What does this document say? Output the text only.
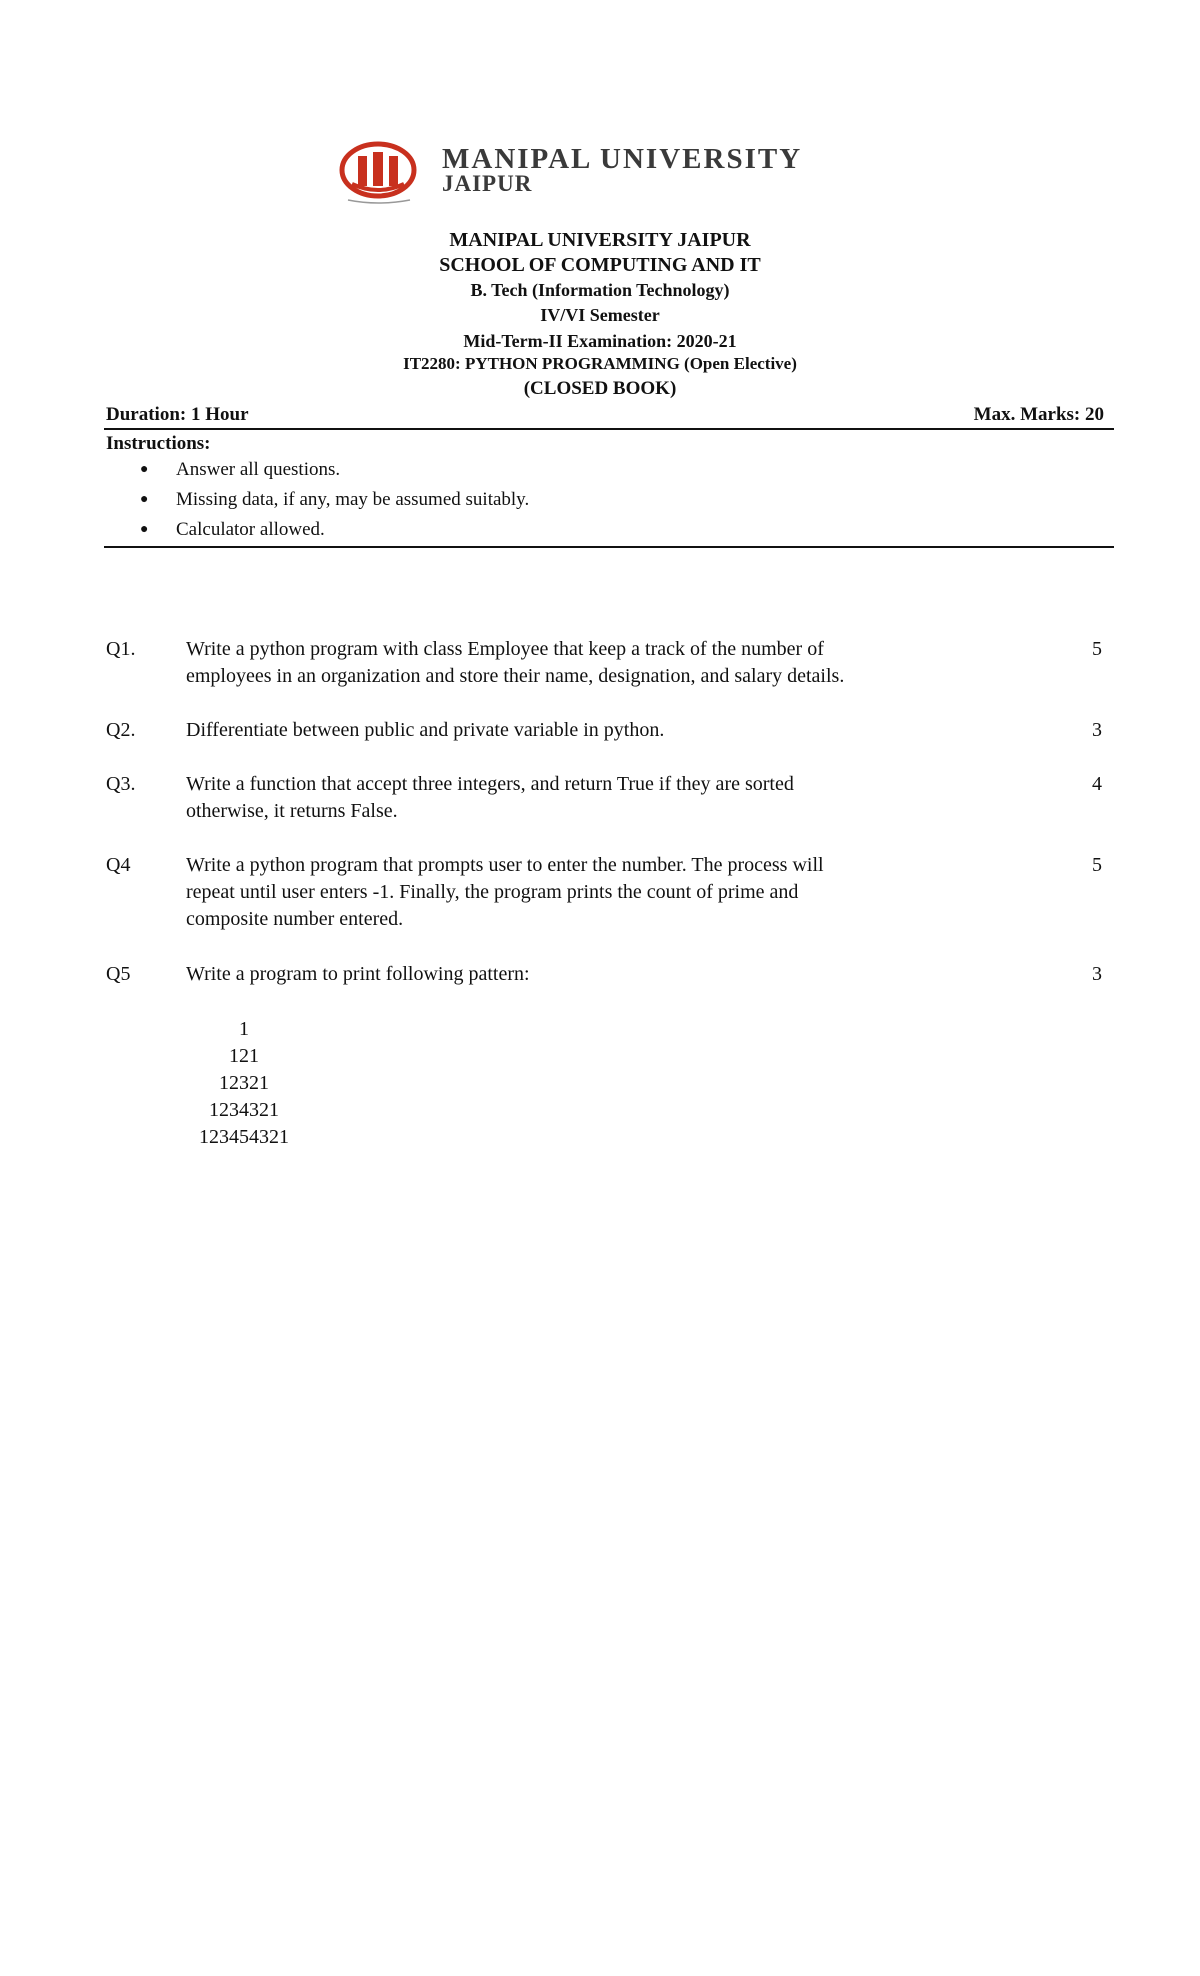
MANIPAL UNIVERSITY
JAIPUR
MANIPAL UNIVERSITY JAIPUR
SCHOOL OF COMPUTING AND IT
B. Tech (Information Technology)
IV/VI Semester
Mid-Term-II Examination: 2020-21
IT2280: PYTHON PROGRAMMING (Open Elective)
(CLOSED BOOK)
Duration: 1 Hour	Max. Marks: 20
Instructions:
● Answer all questions.
● Missing data, if any, may be assumed suitably.
● Calculator allowed.
Q1.	Write a python program with class Employee that keep a track of the number of
employees in an organization and store their name, designation, and salary details.
5
Q2.	Differentiate between public and private variable in python.	3
Q3.	Write a function that accept three integers, and return True if they are sorted
otherwise, it returns False.
4
Q4	Write a python program that prompts user to enter the number. The process will
repeat until user enters -1. Finally, the program prints the count of prime and
composite number entered.
5
Q5	Write a program to print following pattern:	3
1
121
12321
1234321
123454321
